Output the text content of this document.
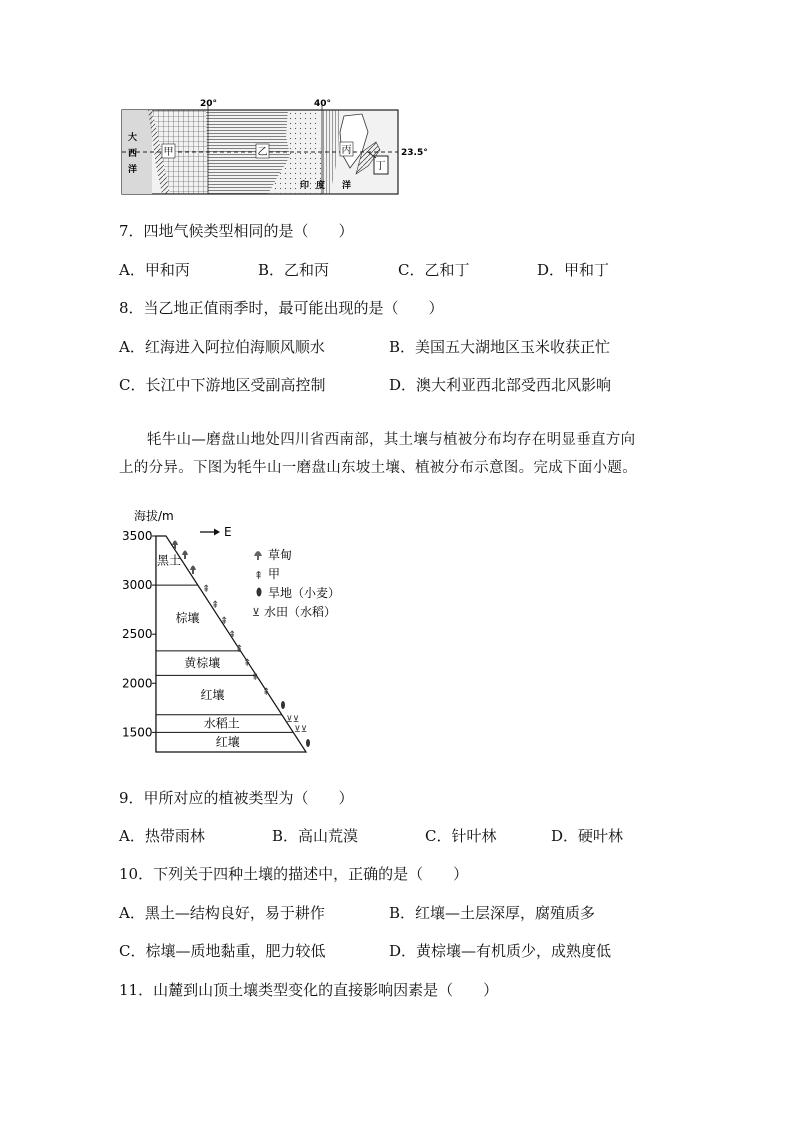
20°	40°
23.5°
甲	乙	丙
丁
大
西
洋
印 度 洋
7．四地气候类型相同的是（　　）
A．甲和丙	B．乙和丙	C．乙和丁	D．甲和丁
8．当乙地正值雨季时，最可能出现的是（　　）
A．红海进入阿拉伯海顺风顺水	B．美国五大湖地区玉米收获正忙
C．长江中下游地区受副高控制	D．澳大利亚西北部受西北风影响
牦牛山—磨盘山地处四川省西南部，其土壤与植被分布均存在明显垂直方向
上的分异。下图为牦牛山一磨盘山东坡土壤、植被分布示意图。完成下面小题。
海拔/m
E
3500
3000
2500
2000
1500
黑土
棕壤
黄棕壤
红壤
水稻土
红壤
⇞
⇞
⇞
⇞
⇞
⇞
⇞
⇞
⊻⊻
⊻⊻
草甸
⇞ 甲
旱地（小麦）
⊻ 水田（水稻）
9．甲所对应的植被类型为（　　）
A．热带雨林	B．高山荒漠	C．针叶林	D．硬叶林
10．下列关于四种土壤的描述中，正确的是（　　）
A．黑土—结构良好，易于耕作	B．红壤—土层深厚，腐殖质多
C．棕壤—质地黏重，肥力较低	D．黄棕壤—有机质少，成熟度低
11．山麓到山顶土壤类型变化的直接影响因素是（　　）
